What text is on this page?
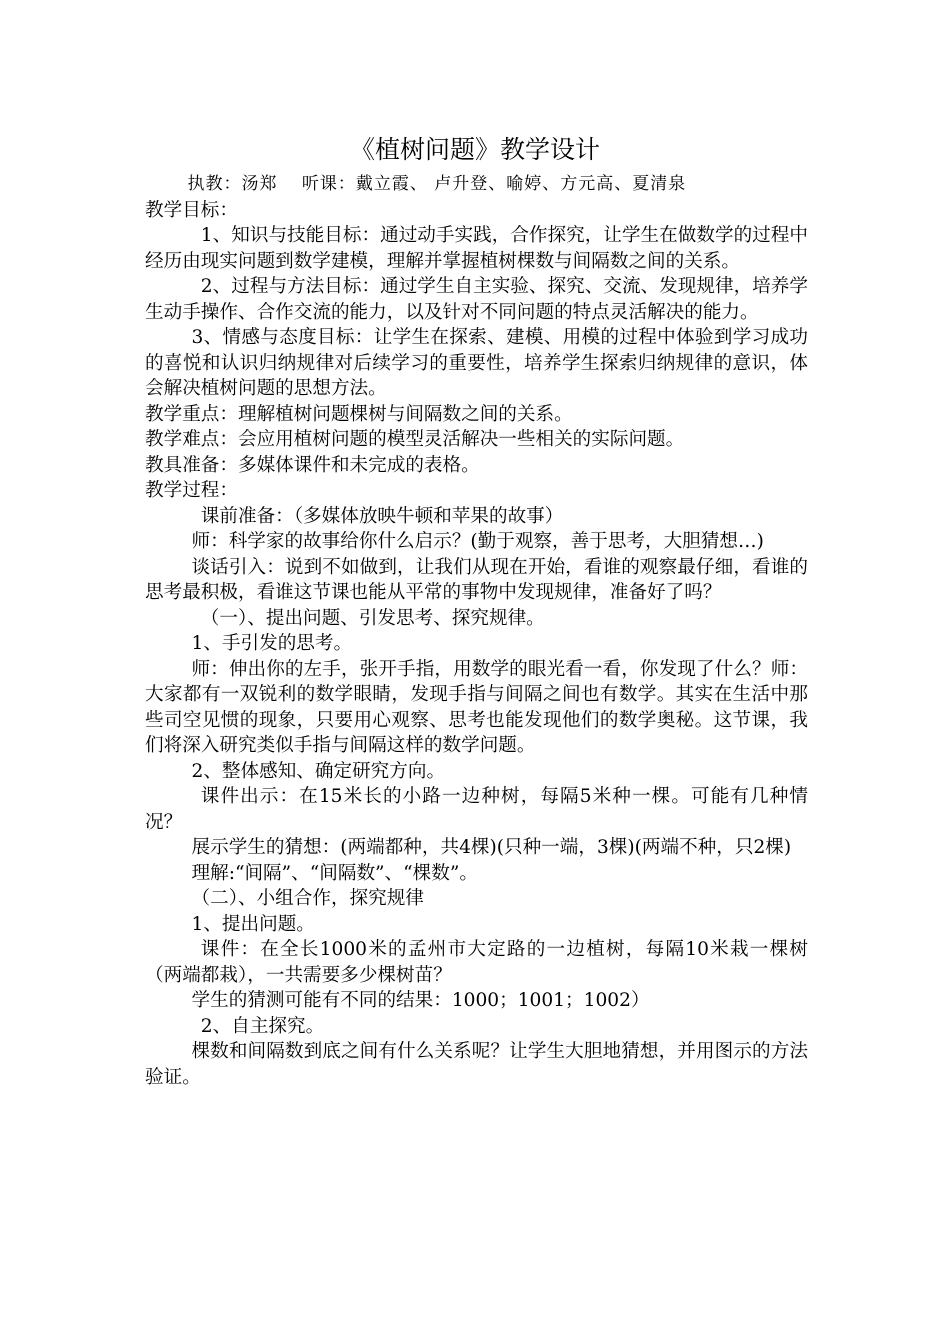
《植树问题》教学设计

执教：汤郑　 听课：戴立霞、 卢升登、喻婷、方元高、夏清泉

教学目标：

1、知识与技能目标：通过动手实践，合作探究，让学生在做数学的过程中经历由现实问题到数学建模，理解并掌握植树棵数与间隔数之间的关系。

2、过程与方法目标：通过学生自主实验、探究、交流、发现规律，培养学生动手操作、合作交流的能力，以及针对不同问题的特点灵活解决的能力。

3、情感与态度目标：让学生在探索、建模、用模的过程中体验到学习成功的喜悦和认识归纳规律对后续学习的重要性，培养学生探索归纳规律的意识，体会解决植树问题的思想方法。

教学重点：理解植树问题棵树与间隔数之间的关系。

教学难点：会应用植树问题的模型灵活解决一些相关的实际问题。

教具准备：多媒体课件和未完成的表格。

教学过程：

课前准备：（多媒体放映牛顿和苹果的故事）

师：科学家的故事给你什么启示？(勤于观察，善于思考，大胆猜想…)

谈话引入：说到不如做到，让我们从现在开始，看谁的观察最仔细，看谁的思考最积极，看谁这节课也能从平常的事物中发现规律，准备好了吗？

（一）、提出问题、引发思考、探究规律。

1、手引发的思考。

师：伸出你的左手，张开手指，用数学的眼光看一看，你发现了什么？师：大家都有一双锐利的数学眼睛，发现手指与间隔之间也有数学。其实在生活中那些司空见惯的现象，只要用心观察、思考也能发现他们的数学奥秘。这节课，我们将深入研究类似手指与间隔这样的数学问题。

2、整体感知、确定研究方向。

课件出示：在15米长的小路一边种树，每隔5米种一棵。可能有几种情况？

展示学生的猜想：(两端都种，共4棵)(只种一端，3棵)(两端不种，只2棵)

理解:“间隔”、“间隔数”、“棵数”。

（二）、小组合作，探究规律

1、提出问题。

课件：在全长1000米的孟州市大定路的一边植树，每隔10米栽一棵树（两端都栽），一共需要多少棵树苗？

学生的猜测可能有不同的结果：1000；1001；1002）

2、自主探究。

棵数和间隔数到底之间有什么关系呢？让学生大胆地猜想，并用图示的方法验证。
